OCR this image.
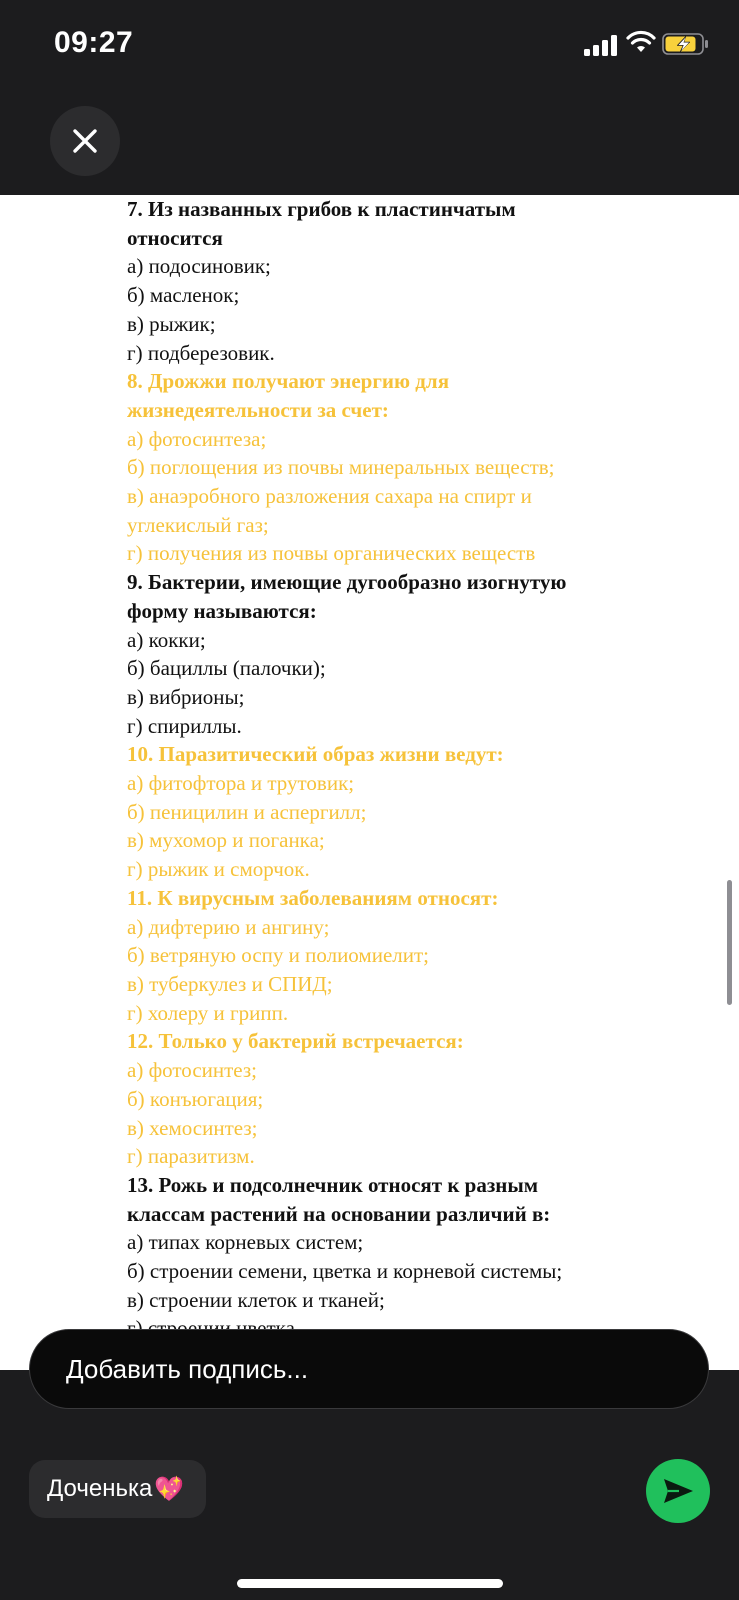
09:27
7. Из названных грибов к пластинчатым
относится
а) подосиновик;
б) масленок;
в) рыжик;
г) подберезовик.
8. Дрожжи получают энергию для
жизнедеятельности за счет:
а) фотосинтеза;
б) поглощения из почвы минеральных веществ;
в) анаэробного разложения сахара на спирт и
углекислый газ;
г) получения из почвы органических веществ
9. Бактерии, имеющие дугообразно изогнутую
форму называются:
а) кокки;
б) бациллы (палочки);
в) вибрионы;
г) спириллы.
10. Паразитический образ жизни ведут:
а) фитофтора и трутовик;
б) пеницилин и аспергилл;
в) мухомор и поганка;
г) рыжик и сморчок.
11. К вирусным заболеваниям относят:
а) дифтерию и ангину;
б) ветряную оспу и полиомиелит;
в) туберкулез и СПИД;
г) холеру и грипп.
12. Только у бактерий встречается:
а) фотосинтез;
б) конъюгация;
в) хемосинтез;
г) паразитизм.
13. Рожь и подсолнечник относят к разным
классам растений на основании различий в:
а) типах корневых систем;
б) строении семени, цветка и корневой системы;
в) строении клеток и тканей;
Добавить подпись...
Доченька 💖
